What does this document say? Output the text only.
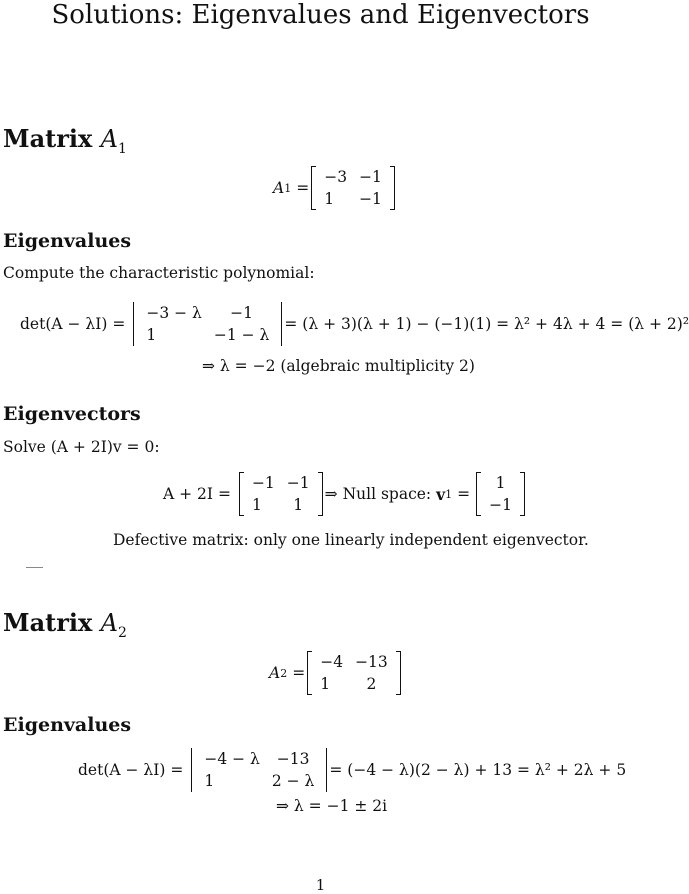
Solutions: Eigenvalues and Eigenvectors
Matrix $A_1$
A 1 =
−3	−1
1	−1
Eigenvalues
Compute the characteristic polynomial:
det(A − λI) =
−3 − λ	−1
1	−1 − λ
= (λ + 3)(λ + 1) − (−1)(1) = λ² + 4λ + 4 = (λ + 2)²
⇒ λ = −2 (algebraic multiplicity 2)
Eigenvectors
Solve (A + 2I)v = 0:
A + 2I =
−1	−1
1	1
⇒ Null space: v 1 =
1
−1
Defective matrix: only one linearly independent eigenvector.
Matrix $A_2$
A 2 =
−4	−13
1	2
Eigenvalues
det(A − λI) =
−4 − λ	−13
1	2 − λ
= (−4 − λ)(2 − λ) + 13 = λ² + 2λ + 5
⇒ λ = −1 ± 2i
1
